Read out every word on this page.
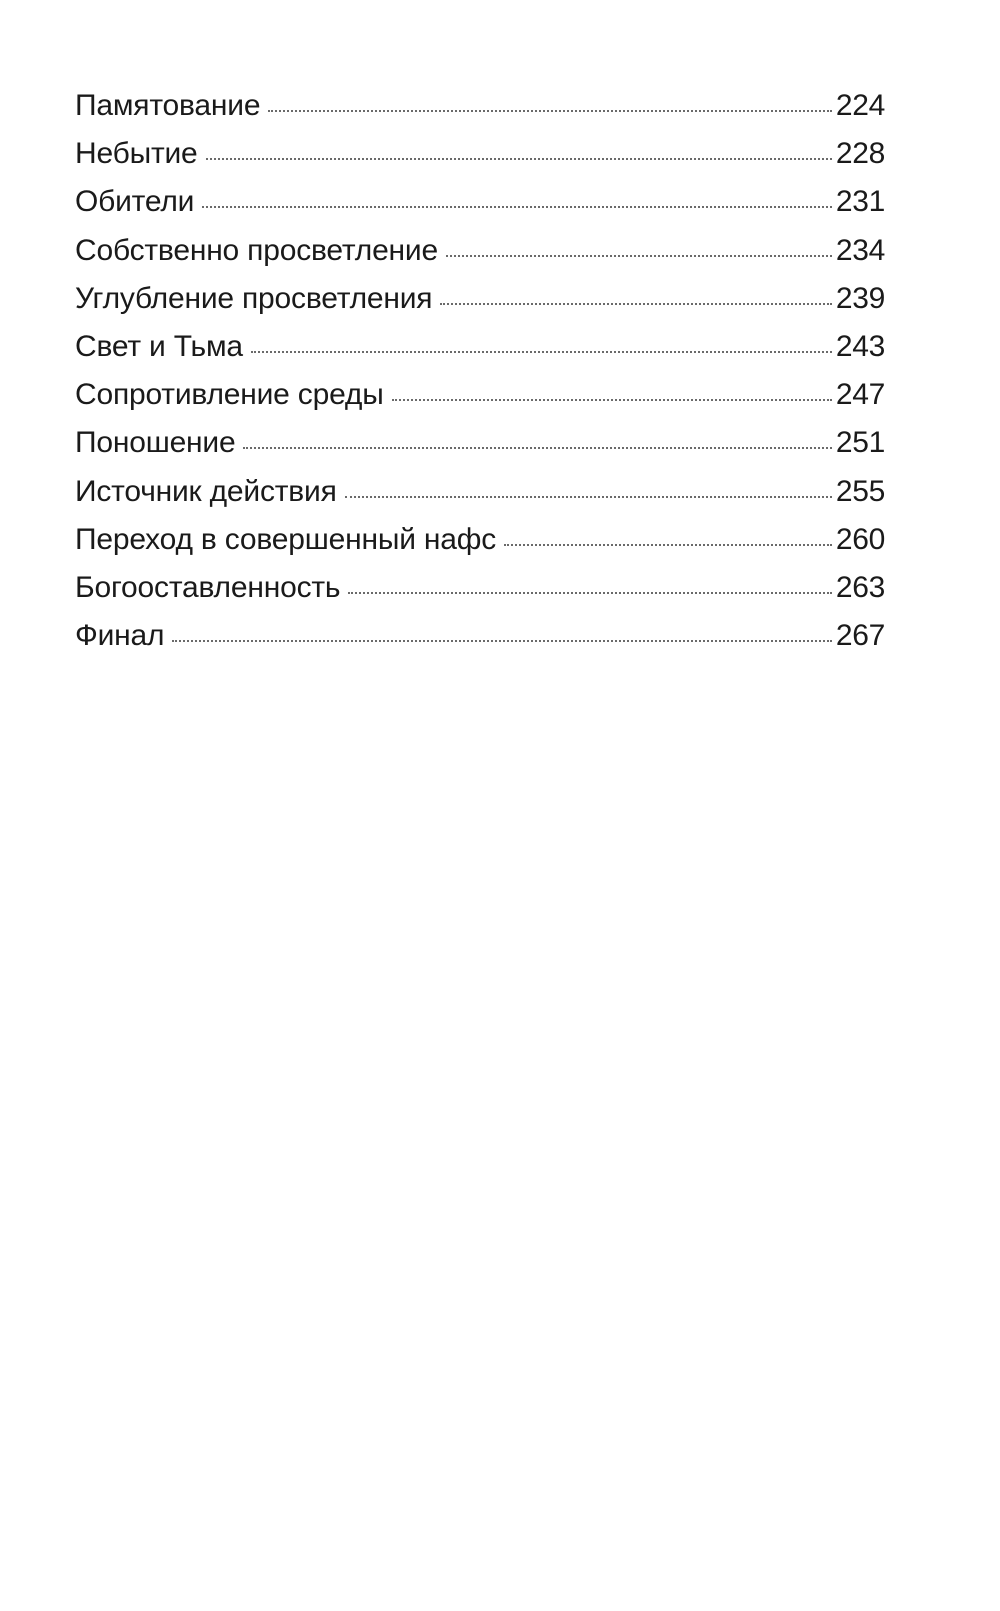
Памятование	224
Небытие	228
Обители	231
Собственно просветление	234
Углубление просветления	239
Свет и Тьма	243
Сопротивление среды	247
Поношение	251
Источник действия	255
Переход в совершенный нафс	260
Богооставленность	263
Финал	267
